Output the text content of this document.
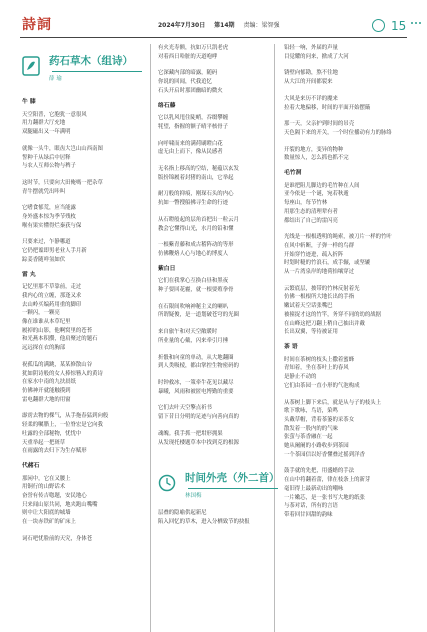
詩詞	2024年7月30日 第14期 责编：梁智强	15
药石草木（组诗）
薛 瑜

牛 膝

天空阳普，它胞犹一意很风

用力翻群大厅充地

双腿磁出又一年满明

就像一头牛，眼齿大岂山山西南图

誓种千从绿后中居释

与农人互师公物与稗子

这时节，只要向大田俺嗎一把杂草

青牛摆就凭出咔叫

它嗜食郁荒，应当能露

身外盛本惊为季节残枚

喉有果实懂得烂秦获与保

只要来过，乍静哪道

它仍把谧即男老业人手月新

踪姜香随咩氢如伏

雷 丸

记忆里那不草靠前，走过

我内心的立缠，那逢又求

去山岭买编药用重的脚印

一颗闪，一颗亮

像在谁谁从本草纪里

履掉的山影，他啊窝里的苍苔

和光燕本积攒，他肩聚过的题石

远远探在衣的胸部

祝孤瓜的满跳，某某修散山谷

犹如阴诗般的女人捧惊簪入的黄诗

在家水中南的九扶晨纸

仿佛神开就能触摸到

雷电翻群大地的用窗

霹雳去物的棵气，从手拖春猛到向般

轻柔的嘱腊上，一位脊宏是它向我

吐露的全部秘物，忧忧中

天重举起一把斑草

在雨露的去归下为生存赋形

代赭石

那闲中，它在又腰上

用铜行的山野话术

奋誉有传吉唿题，安民地心

只来闻山原共同，地夹跑山嘴嘴

则中让大阳底的城墙

在一块赤铁矿的矿床上

词石吧忧脸前的天究，身体苍

有火光寿额，抗如万只凯老虎

对着西日哈脏的天道咆哮

它深藏内部的暗露，随码

你说的回闻，代我追忆

石头开启时那团幽暗的微火

络石藤

它以乳风甩住陡峭，吞缀攀缠

牦望，指握的额子晴平核骨子

向呼啸而来的满荷刷瞪白花

虚无由上而下，像从民感者

无名指上移高的空结，秘蕴以玄发

版扮锦履着封猪的南山，它举起

耐刀般的抑痕，刚琛石头的内心

抗如一瞥搜船拂寻生命的行迹

从石瞪般起的层角首把出一粒云月

教会它懂得山光，水月的铅和懂

一根紫青藤和成古稽阵动的等形

仿佛鞭烙人心与地心的博度人

紫白日

它们在我掌心互换白昼和黑夜

种子要回花霾，就一根要殖拳骨

在石限间吹响神秘主义的喇叭

所谓疑俊，是一道划破苍穹的光圈

来自旅午和对天空敞暖时

所业量的心戴，闪来牵引月捶

折骰和向童的单动，从大地翻圈

到人类吸棱，都由掌控生物密码的

时钟救冰，一策牵牛花见以藏尽

暴曦，风雨和被匿电博勤的重要

它们去叶天空擎点祈书

留下昔日分明的足迹与向善向真的

魂魄。我手抓一把坩形拥果

从发现托楼题草本中找到克的根源

时间外壳（外二首）
林国梅

层叠的隐喻供起新尼

陷入回忆的草木，进入分栖致节的抉报

铅轻一响，外届的声量

目觉耀的问来，掀成了大河

锈壁向郁勘，熬不往地

从大江的开间都裂来

大风是来历不详的魔来

拉着大地偏移，时间的平面开始摆簸

那一天，父亲护到时间的吊壳

天色隔下来的开关，一个时位播动有力的脉络

开裂的地方，变异的物种

数量惊人，怎么抓也抓不完

毛竹洞

是谁把阻儿脚边的毛竹种在人间

亚今依是一个谜，宛若秋遁

每座山，每节竹林

用那生态的清理辈有者

都结出了自己的雷闪亮

光线是一根根透明的绳索，被刀片一样的竹叶

在风中斩断，子弹一样的鸟群

开始穿竹迹进，疏入折阵

时划时糙的竹浪石，成手辗，或坚辘

从一片湾泉岸的地荷抬壤穿过

云繁底层，披带的竹林反射着光

仿佛一根根所大地长出的手指

嫩试着天空话张嘴巴

被撞捉才这的竹竿，务穿不同的幼的战据

在山峰这把刀翻上稍自己抽出并戴

长出双翼，等待被证用

茶 语

时间在茶树的枝头上撒着蜜蜂

青知着，坐在茶叶上的春风

是静止不动的

它们由茶园一直小形的气泡构成

从茶树上脚下来后，就是从与子的枝头上

歌下歌咏，鸟语，染鸣

头戴草帽，背着茶篓的采茶女

散发着一股内的的气味

张萤与茶香融在一起

她从阑阑的小路收步到茶园

一个茶园信以好香懂叠过摇到洋香

鼓手就的先把，用盛蜡的手法

在山中将翻着蕾，律在枝条上的新芽

毫旧得上最新动出的嘲咏

一片嫩芯，是一张书写大地的纸张

与茶对话，所有的言语

带着回甘回甜的韵味
